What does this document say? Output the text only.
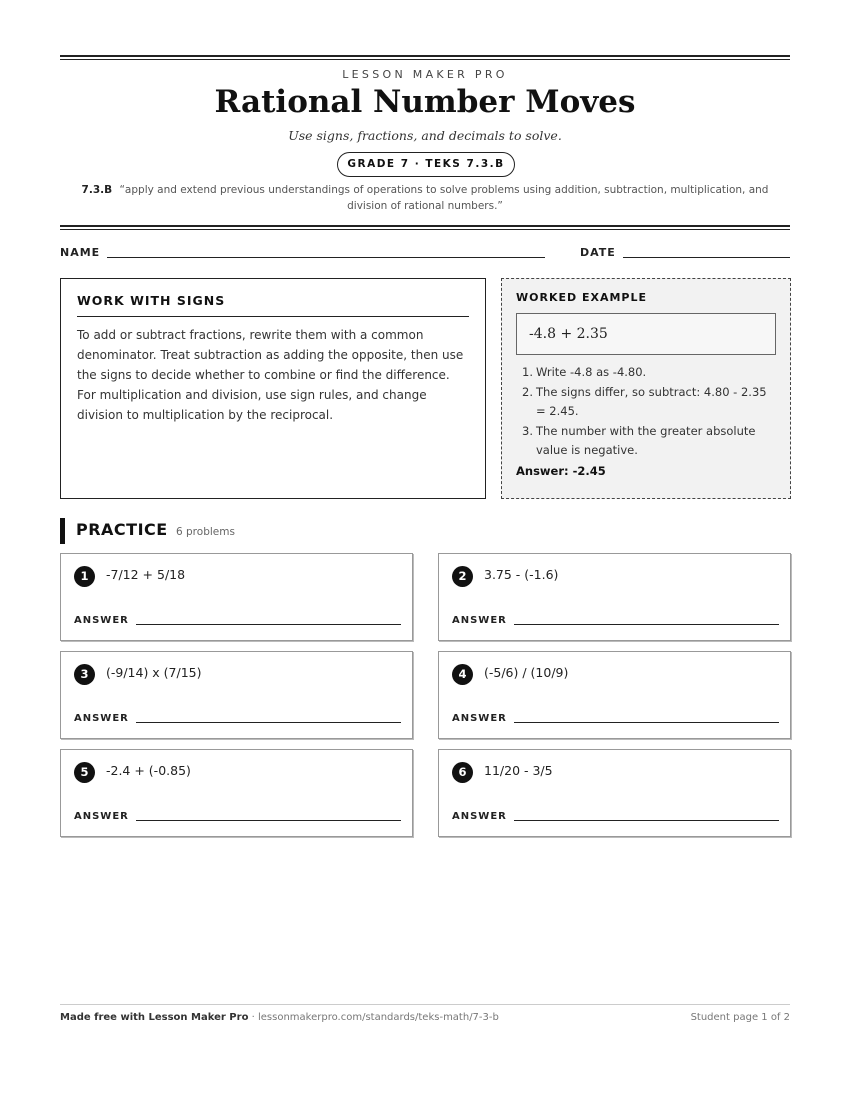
LESSON MAKER PRO
Rational Number Moves
Use signs, fractions, and decimals to solve.
GRADE 7 · TEKS 7.3.B
7.3.B “apply and extend previous understandings of operations to solve problems using addition, subtraction, multiplication, and division of rational numbers.”
NAME	DATE
WORK WITH SIGNS

To add or subtract fractions, rewrite them with a common denominator. Treat subtraction as adding the opposite, then use the signs to decide whether to combine or find the difference. For multiplication and division, use sign rules, and change division to multiplication by the reciprocal.

WORKED EXAMPLE
-4.8 + 2.35
1. Write -4.8 as -4.80.
2. The signs differ, so subtract: 4.80 - 2.35 = 2.45.
3. The number with the greater absolute value is negative.
Answer: -2.45
PRACTICE 6 problems
1	-7/12 + 5/18
ANSWER
2	3.75 - (-1.6)
ANSWER
3	(-9/14) x (7/15)
ANSWER
4	(-5/6) / (10/9)
ANSWER
5	-2.4 + (-0.85)
ANSWER
6	11/20 - 3/5
ANSWER
Made free with Lesson Maker Pro · lessonmakerpro.com/standards/teks-math/7-3-b	Student page 1 of 2
